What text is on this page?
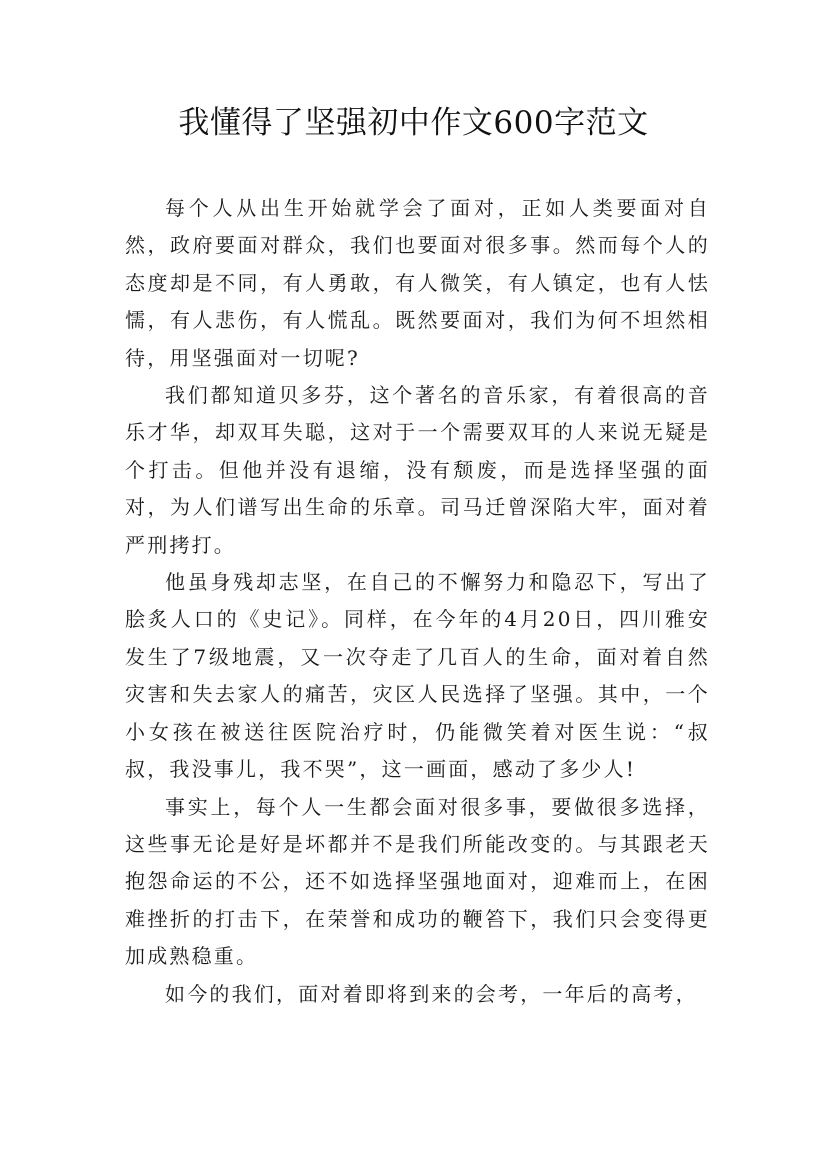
我懂得了坚强初中作文600字范文

每个人从出生开始就学会了面对，正如人类要面对自然，政府要面对群众，我们也要面对很多事。然而每个人的态度却是不同，有人勇敢，有人微笑，有人镇定，也有人怯懦，有人悲伤，有人慌乱。既然要面对，我们为何不坦然相待，用坚强面对一切呢?

我们都知道贝多芬，这个著名的音乐家，有着很高的音乐才华，却双耳失聪，这对于一个需要双耳的人来说无疑是个打击。但他并没有退缩，没有颓废，而是选择坚强的面对，为人们谱写出生命的乐章。司马迁曾深陷大牢，面对着严刑拷打。

他虽身残却志坚，在自己的不懈努力和隐忍下，写出了脍炙人口的《史记》。同样，在今年的4月20日，四川雅安发生了7级地震，又一次夺走了几百人的生命，面对着自然灾害和失去家人的痛苦，灾区人民选择了坚强。其中，一个小女孩在被送往医院治疗时，仍能微笑着对医生说：“叔叔，我没事儿，我不哭”，这一画面，感动了多少人!

事实上，每个人一生都会面对很多事，要做很多选择，这些事无论是好是坏都并不是我们所能改变的。与其跟老天抱怨命运的不公，还不如选择坚强地面对，迎难而上，在困难挫折的打击下，在荣誉和成功的鞭笞下，我们只会变得更加成熟稳重。

如今的我们，面对着即将到来的会考，一年后的高考，
